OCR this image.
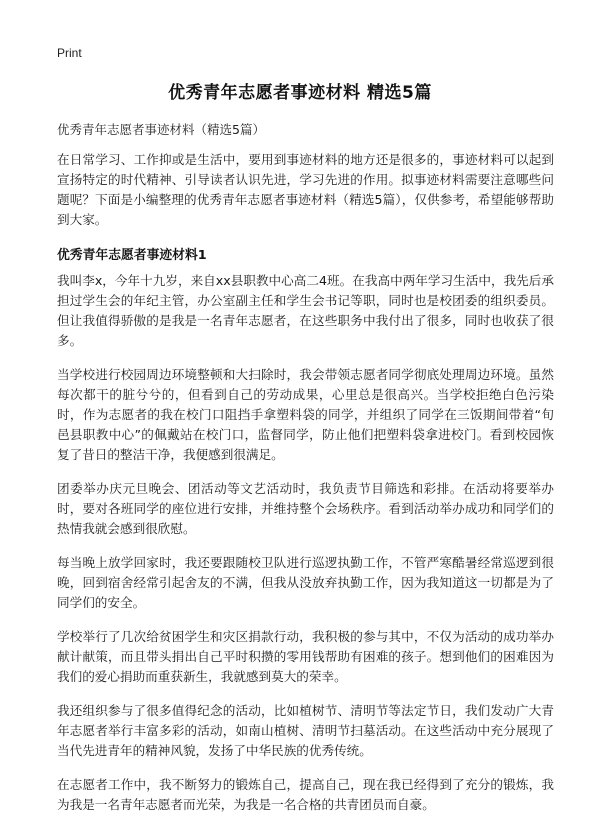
Print
优秀青年志愿者事迹材料 精选5篇
优秀青年志愿者事迹材料（精选5篇）

在日常学习、工作抑或是生活中，要用到事迹材料的地方还是很多的，事迹材料可以起到宣扬特定的时代精神、引导读者认识先进，学习先进的作用。拟事迹材料需要注意哪些问题呢？下面是小编整理的优秀青年志愿者事迹材料（精选5篇），仅供参考，希望能够帮助到大家。

优秀青年志愿者事迹材料1

我叫李x，今年十九岁，来自xx县职教中心高二4班。在我高中两年学习生活中，我先后承担过学生会的年纪主管，办公室副主任和学生会书记等职，同时也是校团委的组织委员。但让我值得骄傲的是我是一名青年志愿者，在这些职务中我付出了很多，同时也收获了很多。

当学校进行校园周边环境整顿和大扫除时，我会带领志愿者同学彻底处理周边环境。虽然每次都干的脏兮兮的，但看到自己的劳动成果，心里总是很高兴。当学校拒绝白色污染时，作为志愿者的我在校门口阻挡手拿塑料袋的同学，并组织了同学在三饭期间带着“旬邑县职教中心”的佩戴站在校门口，监督同学，防止他们把塑料袋拿进校门。看到校园恢复了昔日的整洁干净，我便感到很满足。

团委举办庆元旦晚会、团活动等文艺活动时，我负责节目筛选和彩排。在活动将要举办时，要对各班同学的座位进行安排，并维持整个会场秩序。看到活动举办成功和同学们的热情我就会感到很欣慰。

每当晚上放学回家时，我还要跟随校卫队进行巡逻执勤工作，不管严寒酷暑经常巡逻到很晚，回到宿舍经常引起舍友的不满，但我从没放弃执勤工作，因为我知道这一切都是为了同学们的安全。

学校举行了几次给贫困学生和灾区捐款行动，我积极的参与其中，不仅为活动的成功举办献计献策，而且带头捐出自己平时积攒的零用钱帮助有困难的孩子。想到他们的困难因为我们的爱心捐助而重获新生，我就感到莫大的荣幸。

我还组织参与了很多值得纪念的活动，比如植树节、清明节等法定节日，我们发动广大青年志愿者举行丰富多彩的活动，如南山植树、清明节扫墓活动。在这些活动中充分展现了当代先进青年的精神风貌，发扬了中华民族的优秀传统。

在志愿者工作中，我不断努力的锻炼自己，提高自己，现在我已经得到了充分的锻炼，我为我是一名青年志愿者而光荣，为我是一名合格的共青团员而自豪。
